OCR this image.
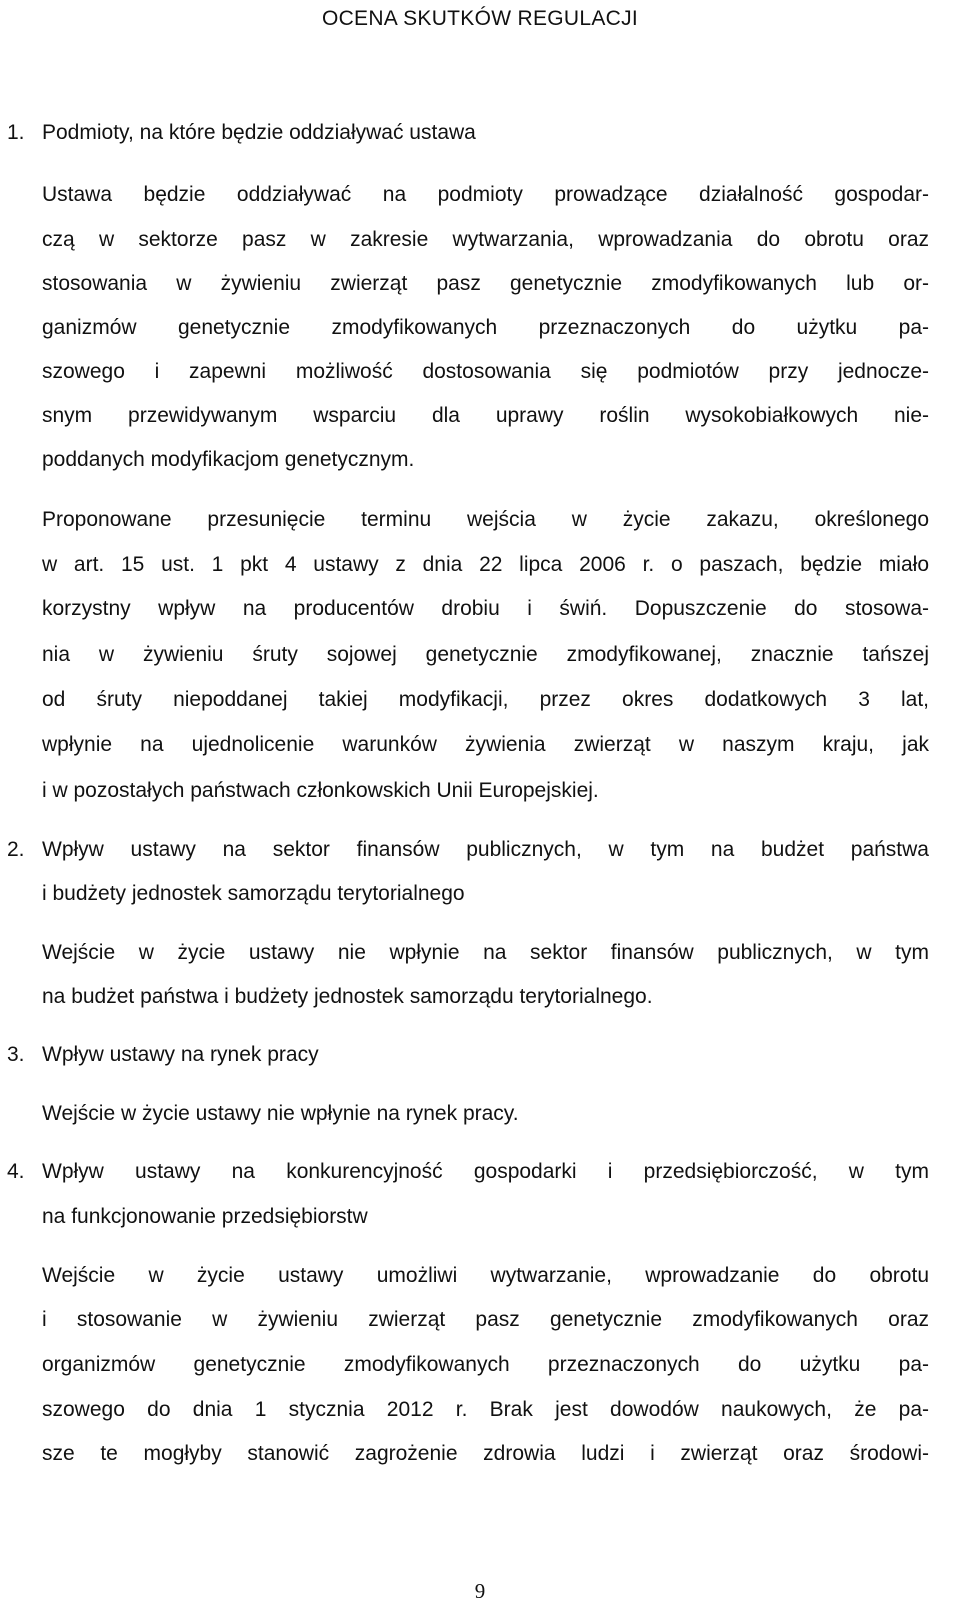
OCENA SKUTKÓW REGULACJI
1. Podmioty, na które będzie oddziaływać ustawa
Ustawa będzie oddziaływać na podmioty prowadzące działalność gospodar-
czą w sektorze pasz w zakresie wytwarzania, wprowadzania do obrotu oraz
stosowania w żywieniu zwierząt pasz genetycznie zmodyfikowanych lub or-
ganizmów genetycznie zmodyfikowanych przeznaczonych do użytku pa-
szowego i zapewni możliwość dostosowania się podmiotów przy jednocze-
snym przewidywanym wsparciu dla uprawy roślin wysokobiałkowych nie-
poddanych modyfikacjom genetycznym.
Proponowane przesunięcie terminu wejścia w życie zakazu, określonego
w art. 15 ust. 1 pkt 4 ustawy z dnia 22 lipca 2006 r. o paszach, będzie miało
korzystny wpływ na producentów drobiu i świń. Dopuszczenie do stosowa-
nia w żywieniu śruty sojowej genetycznie zmodyfikowanej, znacznie tańszej
od śruty niepoddanej takiej modyfikacji, przez okres dodatkowych 3 lat,
wpłynie na ujednolicenie warunków żywienia zwierząt w naszym kraju, jak
i w pozostałych państwach członkowskich Unii Europejskiej.
2. Wpływ ustawy na sektor finansów publicznych, w tym na budżet państwa
i budżety jednostek samorządu terytorialnego
Wejście w życie ustawy nie wpłynie na sektor finansów publicznych, w tym
na budżet państwa i budżety jednostek samorządu terytorialnego.
3. Wpływ ustawy na rynek pracy
Wejście w życie ustawy nie wpłynie na rynek pracy.
4. Wpływ ustawy na konkurencyjność gospodarki i przedsiębiorczość, w tym
na funkcjonowanie przedsiębiorstw
Wejście w życie ustawy umożliwi wytwarzanie, wprowadzanie do obrotu
i stosowanie w żywieniu zwierząt pasz genetycznie zmodyfikowanych oraz
organizmów genetycznie zmodyfikowanych przeznaczonych do użytku pa-
szowego do dnia 1 stycznia 2012 r. Brak jest dowodów naukowych, że pa-
sze te mogłyby stanowić zagrożenie zdrowia ludzi i zwierząt oraz środowi-
9
